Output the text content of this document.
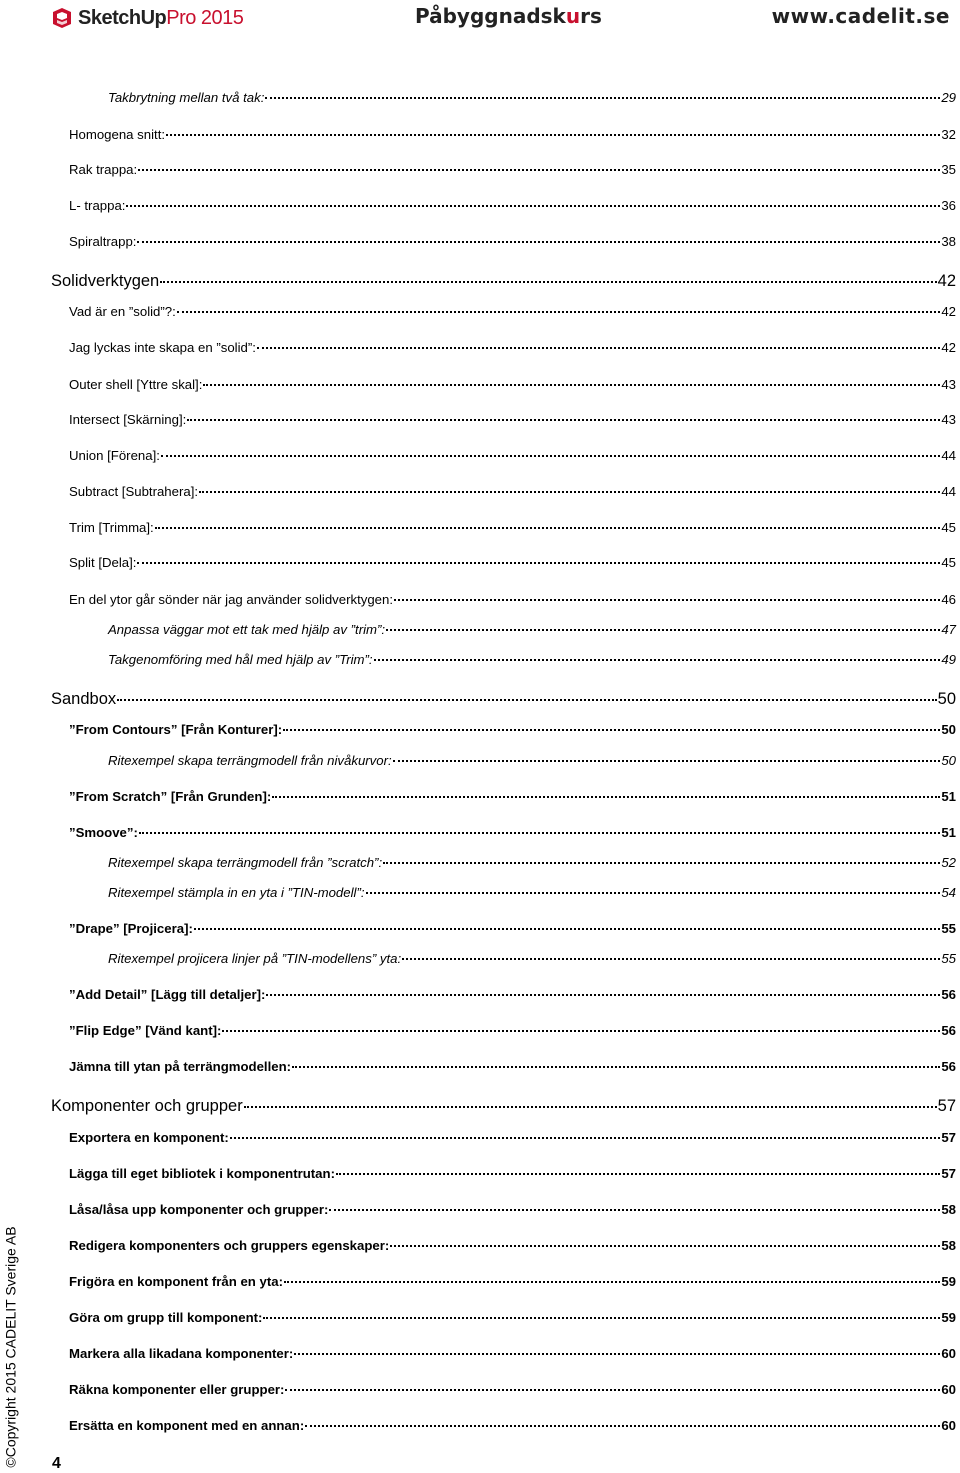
SketchUpPro 2015	Påbyggnadskurs	www.cadelit.se
Takbrytning mellan två tak:	29
Homogena snitt:	32
Rak trappa:	35
L- trappa:	36
Spiraltrapp:	38
Solidverktygen	42
Vad är en ”solid”?:	42
Jag lyckas inte skapa en ”solid”:	42
Outer shell [Yttre skal]:	43
Intersect [Skärning]:	43
Union [Förena]:	44
Subtract [Subtrahera]:	44
Trim [Trimma]:	45
Split [Dela]:	45
En del ytor går sönder när jag använder solidverktygen:	46
Anpassa väggar mot ett tak med hjälp av ”trim”:	47
Takgenomföring med hål med hjälp av ”Trim”:	49
Sandbox	50
”From Contours” [Från Konturer]:	50
Ritexempel skapa terrängmodell från nivåkurvor:	50
”From Scratch” [Från Grunden]:	51
”Smoove”:	51
Ritexempel skapa terrängmodell från ”scratch”:	52
Ritexempel stämpla in en yta i ”TIN-modell”:	54
”Drape” [Projicera]:	55
Ritexempel projicera linjer på ”TIN-modellens” yta:	55
”Add Detail” [Lägg till detaljer]:	56
”Flip Edge” [Vänd kant]:	56
Jämna till ytan på terrängmodellen:	56
Komponenter och grupper	57
Exportera en komponent:	57
Lägga till eget bibliotek i komponentrutan:	57
Låsa/låsa upp komponenter och grupper:	58
Redigera komponenters och gruppers egenskaper:	58
Frigöra en komponent från en yta:	59
Göra om grupp till komponent:	59
Markera alla likadana komponenter:	60
Räkna komponenter eller grupper:	60
Ersätta en komponent med en annan:	60
©Copyright 2015 CADELIT Sverige AB 4
